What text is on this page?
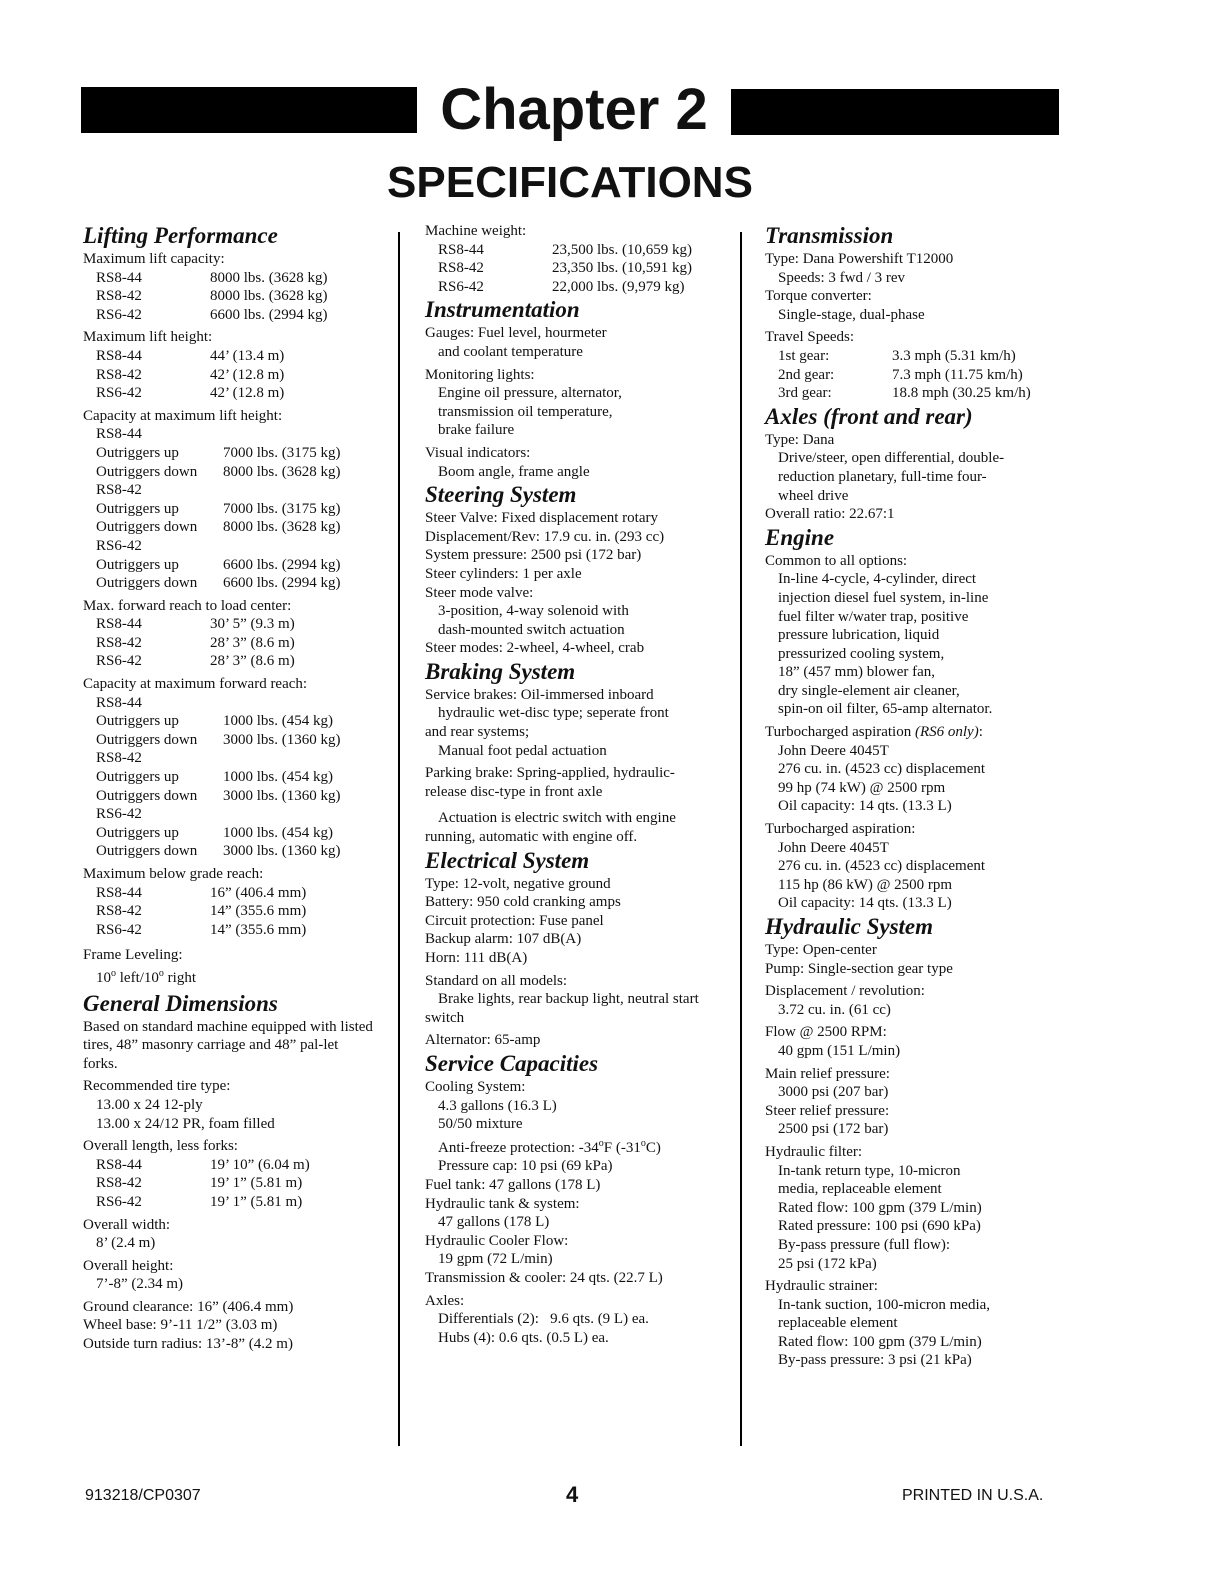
Chapter 2
SPECIFICATIONS
Lifting Performance
Maximum lift capacity:
RS8-44	8000 lbs. (3628 kg)
RS8-42	8000 lbs. (3628 kg)
RS6-42	6600 lbs. (2994 kg)
Maximum lift height:
RS8-44	44’ (13.4 m)
RS8-42	42’ (12.8 m)
RS6-42	42’ (12.8 m)
Capacity at maximum lift height:
RS8-44
Outriggers up	7000 lbs. (3175 kg)
Outriggers down 8000 lbs. (3628 kg)
RS8-42
Outriggers up	7000 lbs. (3175 kg)
Outriggers down 8000 lbs. (3628 kg)
RS6-42
Outriggers up	6600 lbs. (2994 kg)
Outriggers down 6600 lbs. (2994 kg)
Max. forward reach to load center:
RS8-44	30’ 5” (9.3 m)
RS8-42	28’ 3” (8.6 m)
RS6-42	28’ 3” (8.6 m)
Capacity at maximum forward reach:
RS8-44
Outriggers up	1000 lbs. (454 kg)
Outriggers down 3000 lbs. (1360 kg)
RS8-42
Outriggers up	1000 lbs. (454 kg)
Outriggers down 3000 lbs. (1360 kg)
RS6-42
Outriggers up	1000 lbs. (454 kg)
Outriggers down 3000 lbs. (1360 kg)
Maximum below grade reach:
RS8-44	16” (406.4 mm)
RS8-42	14” (355.6 mm)
RS6-42	14” (355.6 mm)
Frame Leveling:
10$^o$ left/10$^o$ right
General Dimensions
Based on standard machine equipped with listed tires, 48” masonry carriage and 48” pal-let forks.
Recommended tire type:
13.00 x 24 12-ply
13.00 x 24/12 PR, foam filled
Overall length, less forks:
RS8-44	19’ 10” (6.04 m)
RS8-42	19’ 1” (5.81 m)
RS6-42	19’ 1” (5.81 m)
Overall width:
8’ (2.4 m)
Overall height:
7’-8” (2.34 m)
Ground clearance: 16” (406.4 mm)
Wheel base: 9’-11 1/2” (3.03 m)
Outside turn radius: 13’-8” (4.2 m)
Machine weight:
RS8-44	23,500 lbs. (10,659 kg)
RS8-42	23,350 lbs. (10,591 kg)
RS6-42	22,000 lbs. (9,979 kg)
Instrumentation
Gauges: Fuel level, hourmeter
and coolant temperature
Monitoring lights:
Engine oil pressure, alternator,
transmission oil temperature,
brake failure
Visual indicators:
Boom angle, frame angle
Steering System
Steer Valve: Fixed displacement rotary
Displacement/Rev: 17.9 cu. in. (293 cc)
System pressure: 2500 psi (172 bar)
Steer cylinders: 1 per axle
Steer mode valve:
3-position, 4-way solenoid with
dash-mounted switch actuation
Steer modes: 2-wheel, 4-wheel, crab
Braking System
Service brakes: Oil-immersed inboard
hydraulic wet-disc type; seperate front
and rear systems;
Manual foot pedal actuation
Parking brake: Spring-applied, hydraulic-
release disc-type in front axle
Actuation is electric switch with engine
running, automatic with engine off.
Electrical System
Type: 12-volt, negative ground
Battery: 950 cold cranking amps
Circuit protection: Fuse panel
Backup alarm: 107 dB(A)
Horn: 111 dB(A)
Standard on all models:
Brake lights, rear backup light, neutral start
switch
Alternator: 65-amp
Service Capacities
Cooling System:
4.3 gallons (16.3 L)
50/50 mixture
Anti-freeze protection: -34$^o$F (-31$^o$C)
Pressure cap: 10 psi (69 kPa)
Fuel tank: 47 gallons (178 L)
Hydraulic tank & system:
47 gallons (178 L)
Hydraulic Cooler Flow:
19 gpm (72 L/min)
Transmission & cooler: 24 qts. (22.7 L)
Axles:
Differentials (2):   9.6 qts. (9 L) ea.
Hubs (4): 0.6 qts. (0.5 L) ea.
Transmission
Type: Dana Powershift T12000
Speeds: 3 fwd / 3 rev
Torque converter:
Single-stage, dual-phase
Travel Speeds:
1st gear:	3.3 mph (5.31 km/h)
2nd gear:	7.3 mph (11.75 km/h)
3rd gear:	18.8 mph (30.25 km/h)
Axles (front and rear)
Type: Dana
Drive/steer, open differential, double-
reduction planetary, full-time four-
wheel drive
Overall ratio: 22.67:1
Engine
Common to all options:
In-line 4-cycle, 4-cylinder, direct
injection diesel fuel system, in-line
fuel filter w/water trap, positive
pressure lubrication, liquid
pressurized cooling system,
18” (457 mm) blower fan,
dry single-element air cleaner,
spin-on oil filter, 65-amp alternator.
Turbocharged aspiration (RS6 only):
John Deere 4045T
276 cu. in. (4523 cc) displacement
99 hp (74 kW) @ 2500 rpm
Oil capacity: 14 qts. (13.3 L)
Turbocharged aspiration:
John Deere 4045T
276 cu. in. (4523 cc) displacement
115 hp (86 kW) @ 2500 rpm
Oil capacity: 14 qts. (13.3 L)
Hydraulic System
Type: Open-center
Pump: Single-section gear type
Displacement / revolution:
3.72 cu. in. (61 cc)
Flow @ 2500 RPM:
40 gpm (151 L/min)
Main relief pressure:
3000 psi (207 bar)
Steer relief pressure:
2500 psi (172 bar)
Hydraulic filter:
In-tank return type, 10-micron
media, replaceable element
Rated flow: 100 gpm (379 L/min)
Rated pressure: 100 psi (690 kPa)
By-pass pressure (full flow):
25 psi (172 kPa)
Hydraulic strainer:
In-tank suction, 100-micron media,
replaceable element
Rated flow: 100 gpm (379 L/min)
By-pass pressure: 3 psi (21 kPa)
913218/CP0307	4	PRINTED IN U.S.A.
